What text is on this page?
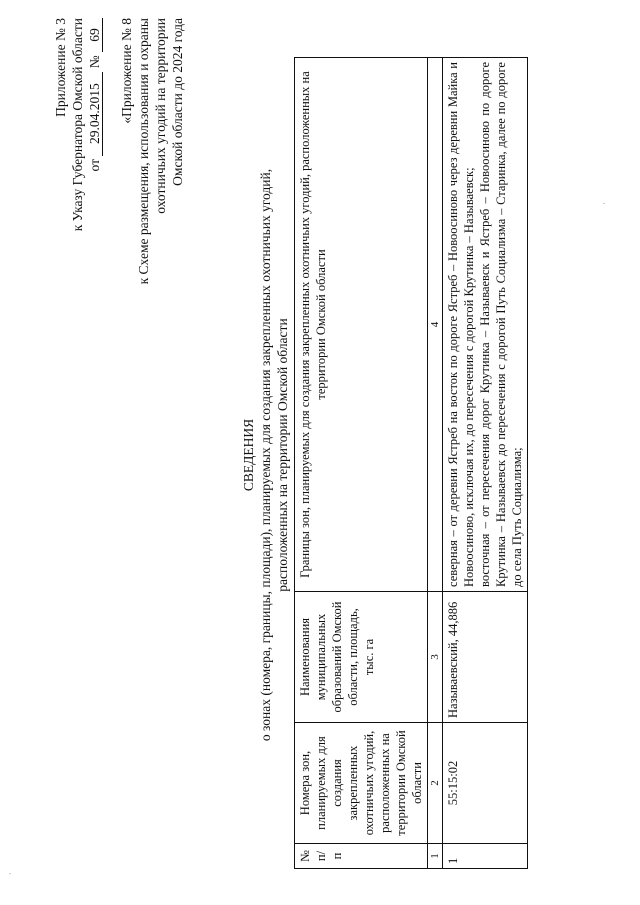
Приложение № 3 к Указу Губернатора Омской области от 29.04.2015 № 69 «Приложение № 8 к Схеме размещения, использования и охраны охотничьих угодий на территории Омской области до 2024 года
СВЕДЕНИЯ о зонах (номера, границы, площади), планируемых для создания закрепленных охотничьих угодий, расположенных на территории Омской области
№ п/п	Номера зон, планируемых для создания закрепленных охотничьих угодий, расположенных на территории Омской области	Наименования муниципальных образований Омской области, площадь, тыс. га	Границы зон, планируемых для создания закрепленных охотничьих угодий, расположенных на территории Омской области
1	2	3	4
1	55:15:02	Называевский, 44,886	северная – от деревни Ястреб на восток по дороге Ястреб – Новоосиново через деревни Майка и Новоосиново, исключая их, до пересечения с дорогой Крутинка – Называевск; восточная – от пересечения дорог Крутинка – Называевск и Ястреб – Новоосиново по дороге Крутинка – Называевск до пересечения с дорогой Путь Социализма – Старинка, далее по дороге до села Путь Социализма;
·
·
